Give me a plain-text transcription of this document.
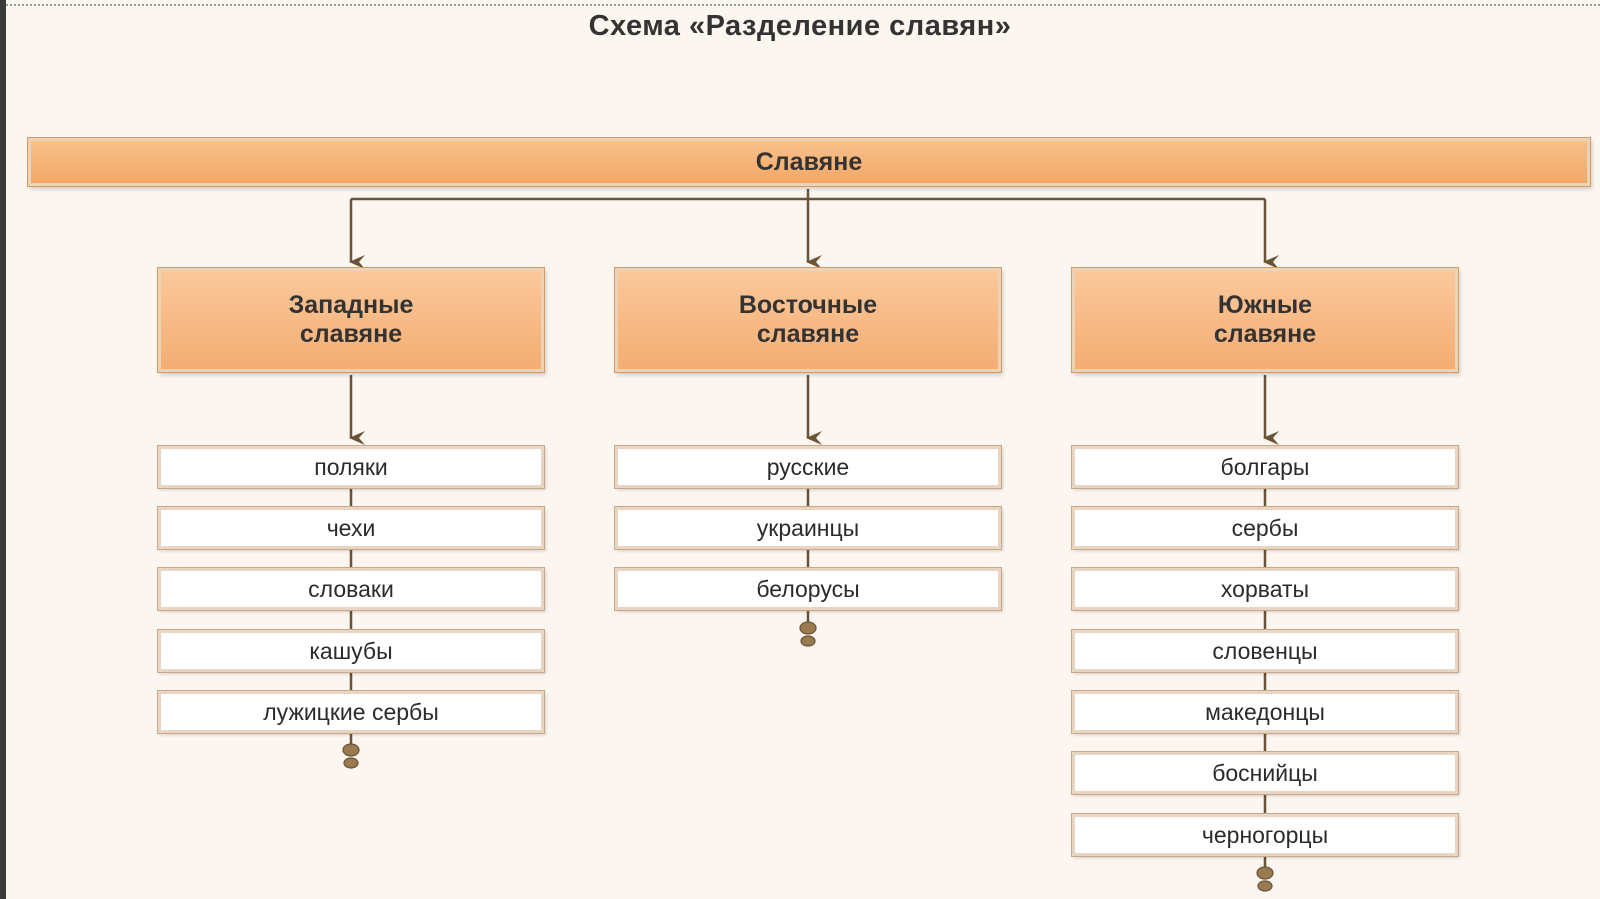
Схема «Разделение славян»
Славяне
Западные
славяне
Восточные
славяне
Южные
славяне
поляки
чехи
словаки
кашубы
лужицкие сербы
русские
украинцы
белорусы
болгары
сербы
хорваты
словенцы
македонцы
боснийцы
черногорцы
